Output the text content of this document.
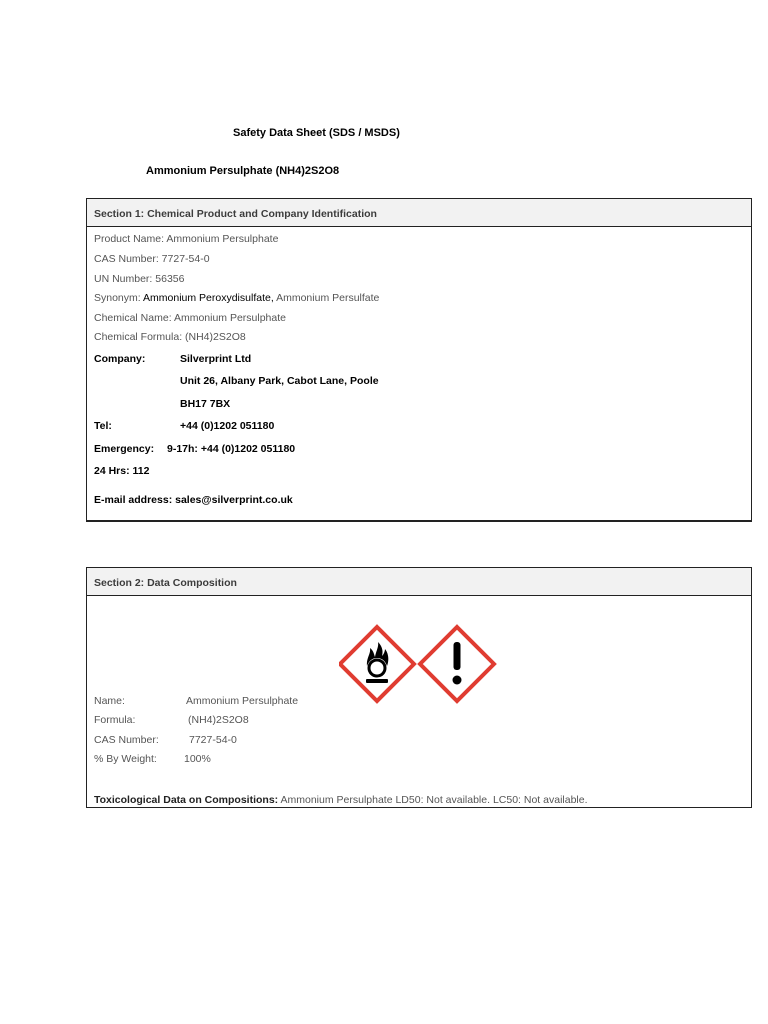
Safety Data Sheet (SDS / MSDS)
Ammonium Persulphate (NH4)2S2O8
Section 1: Chemical Product and Company Identification
Product Name: Ammonium Persulphate
CAS Number: 7727-54-0
UN Number: 56356
Synonym: Ammonium Peroxydisulfate, Ammonium Persulfate
Chemical Name: Ammonium Persulphate
Chemical Formula: (NH4)2S2O8
Company:	Silverprint Ltd
Unit 26, Albany Park, Cabot Lane, Poole
BH17 7BX
Tel:	+44 (0)1202 051180
Emergency: 9-17h: +44 (0)1202 051180
24 Hrs: 112
E-mail address: sales@silverprint.co.uk
Section 2: Data Composition
Name:	Ammonium Persulphate
Formula:	(NH4)2S2O8
CAS Number:	7727-54-0
% By Weight:	100%
Toxicological Data on Compositions: Ammonium Persulphate LD50: Not available. LC50: Not available.
